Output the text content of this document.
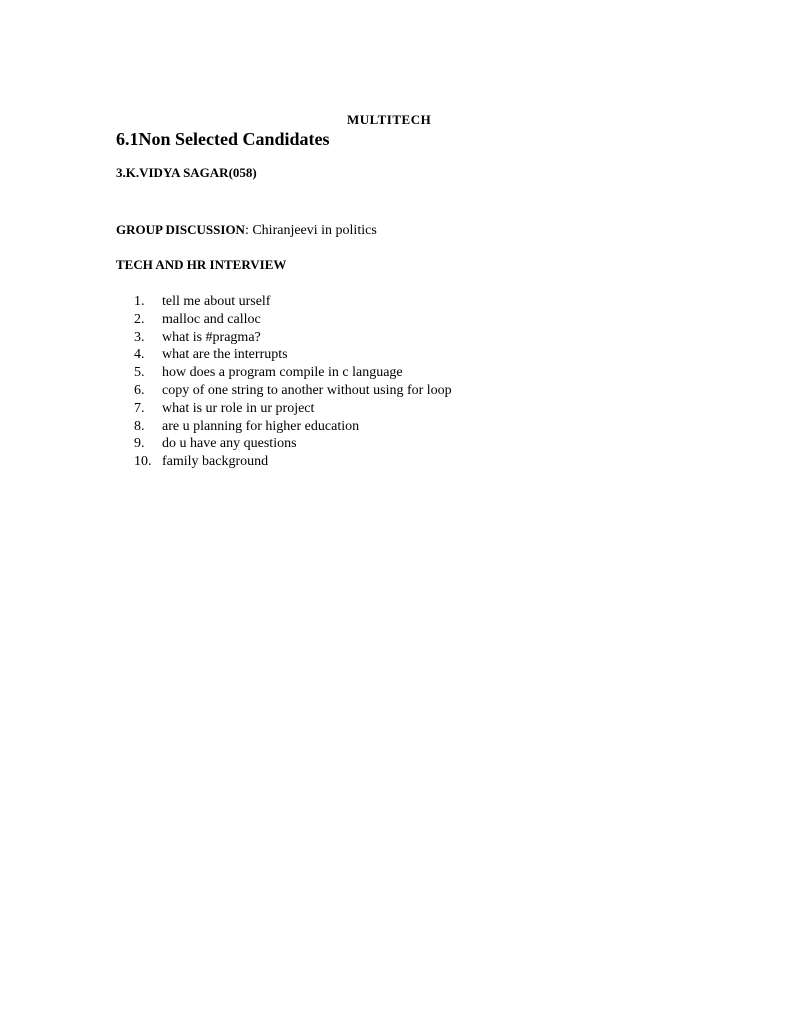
MULTITECH
6.1Non Selected Candidates
3.K.VIDYA SAGAR(058)
GROUP DISCUSSION: Chiranjeevi in politics
TECH AND HR INTERVIEW
1. tell me about urself
2. malloc and calloc
3. what is #pragma?
4. what are the interrupts
5. how does a program compile in c language
6. copy of one string to another without using for loop
7. what is ur role in ur project
8. are u planning for higher education
9. do u have any questions
10. family background
